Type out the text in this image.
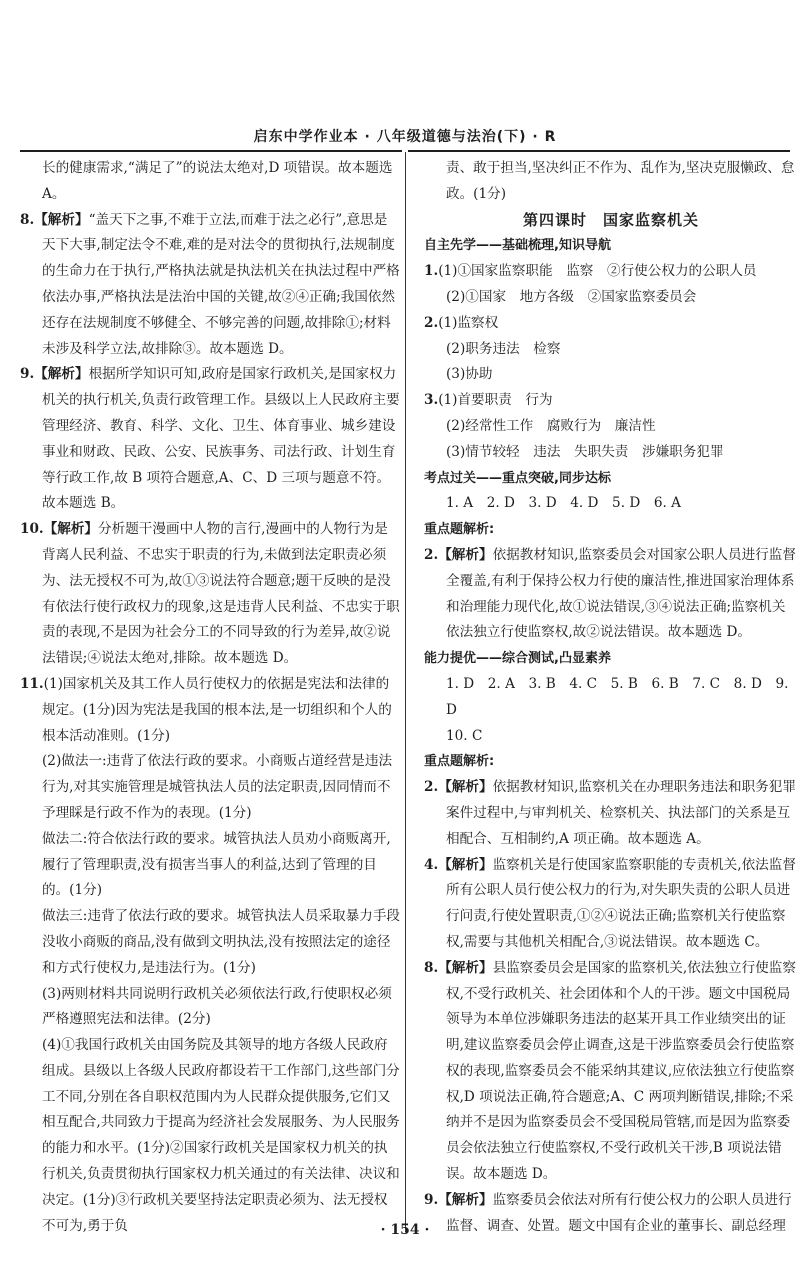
启东中学作业本 · 八年级道德与法治(下) · R
长的健康需求,“满足了”的说法太绝对,D 项错误。故本题选 A。
8.【解析】“盖天下之事,不难于立法,而难于法之必行”,意思是天下大事,制定法令不难,难的是对法令的贯彻执行,法规制度的生命力在于执行,严格执法就是执法机关在执法过程中严格依法办事,严格执法是法治中国的关键,故②④正确;我国依然还存在法规制度不够健全、不够完善的问题,故排除①;材料未涉及科学立法,故排除③。故本题选 D。
9.【解析】根据所学知识可知,政府是国家行政机关,是国家权力机关的执行机关,负责行政管理工作。县级以上人民政府主要管理经济、教育、科学、文化、卫生、体育事业、城乡建设事业和财政、民政、公安、民族事务、司法行政、计划生育等行政工作,故 B 项符合题意,A、C、D 三项与题意不符。故本题选 B。
10.【解析】分析题干漫画中人物的言行,漫画中的人物行为是背离人民利益、不忠实于职责的行为,未做到法定职责必须为、法无授权不可为,故①③说法符合题意;题干反映的是没有依法行使行政权力的现象,这是违背人民利益、不忠实于职责的表现,不是因为社会分工的不同导致的行为差异,故②说法错误;④说法太绝对,排除。故本题选 D。
11.(1)国家机关及其工作人员行使权力的依据是宪法和法律的规定。(1分)因为宪法是我国的根本法,是一切组织和个人的根本活动准则。(1分)
(2)做法一:违背了依法行政的要求。小商贩占道经营是违法行为,对其实施管理是城管执法人员的法定职责,因同情而不予理睬是行政不作为的表现。(1分)
做法二:符合依法行政的要求。城管执法人员劝小商贩离开,履行了管理职责,没有损害当事人的利益,达到了管理的目的。(1分)
做法三:违背了依法行政的要求。城管执法人员采取暴力手段没收小商贩的商品,没有做到文明执法,没有按照法定的途径和方式行使权力,是违法行为。(1分)
(3)两则材料共同说明行政机关必须依法行政,行使职权必须严格遵照宪法和法律。(2分)
(4)①我国行政机关由国务院及其领导的地方各级人民政府组成。县级以上各级人民政府都设若干工作部门,这些部门分工不同,分别在各自职权范围内为人民群众提供服务,它们又相互配合,共同致力于提高为经济社会发展服务、为人民服务的能力和水平。(1分)②国家行政机关是国家权力机关的执行机关,负责贯彻执行国家权力机关通过的有关法律、决议和决定。(1分)③行政机关要坚持法定职责必须为、法无授权不可为,勇于负
责、敢于担当,坚决纠正不作为、乱作为,坚决克服懒政、怠政。(1分)
第四课时　国家监察机关
自主先学——基础梳理,知识导航
1.(1)①国家监察职能　监察　②行使公权力的公职人员
(2)①国家　地方各级　②国家监察委员会
2.(1)监察权
(2)职务违法　检察
(3)协助
3.(1)首要职责　行为
(2)经常性工作　腐败行为　廉洁性
(3)情节较轻　违法　失职失责　涉嫌职务犯罪
考点过关——重点突破,同步达标
1. A　2. D　3. D　4. D　5. D　6. A
重点题解析:
2.【解析】依据教材知识,监察委员会对国家公职人员进行监督全覆盖,有利于保持公权力行使的廉洁性,推进国家治理体系和治理能力现代化,故①说法错误,③④说法正确;监察机关依法独立行使监察权,故②说法错误。故本题选 D。
能力提优——综合测试,凸显素养
1. D　2. A　3. B　4. C　5. B　6. B　7. C　8. D　9. D
10. C
重点题解析:
2.【解析】依据教材知识,监察机关在办理职务违法和职务犯罪案件过程中,与审判机关、检察机关、执法部门的关系是互相配合、互相制约,A 项正确。故本题选 A。
4.【解析】监察机关是行使国家监察职能的专责机关,依法监督所有公职人员行使公权力的行为,对失职失责的公职人员进行问责,行使处置职责,①②④说法正确;监察机关行使监察权,需要与其他机关相配合,③说法错误。故本题选 C。
8.【解析】县监察委员会是国家的监察机关,依法独立行使监察权,不受行政机关、社会团体和个人的干涉。题文中国税局领导为本单位涉嫌职务违法的赵某开具工作业绩突出的证明,建议监察委员会停止调查,这是干涉监察委员会行使监察权的表现,监察委员会不能采纳其建议,应依法独立行使监察权,D 项说法正确,符合题意;A、C 两项判断错误,排除;不采纳并不是因为监察委员会不受国税局管辖,而是因为监察委员会依法独立行使监察权,不受行政机关干涉,B 项说法错误。故本题选 D。
9.【解析】监察委员会依法对所有行使公权力的公职人员进行监督、调查、处置。题文中国有企业的董事长、副总经理
· 154 ·
